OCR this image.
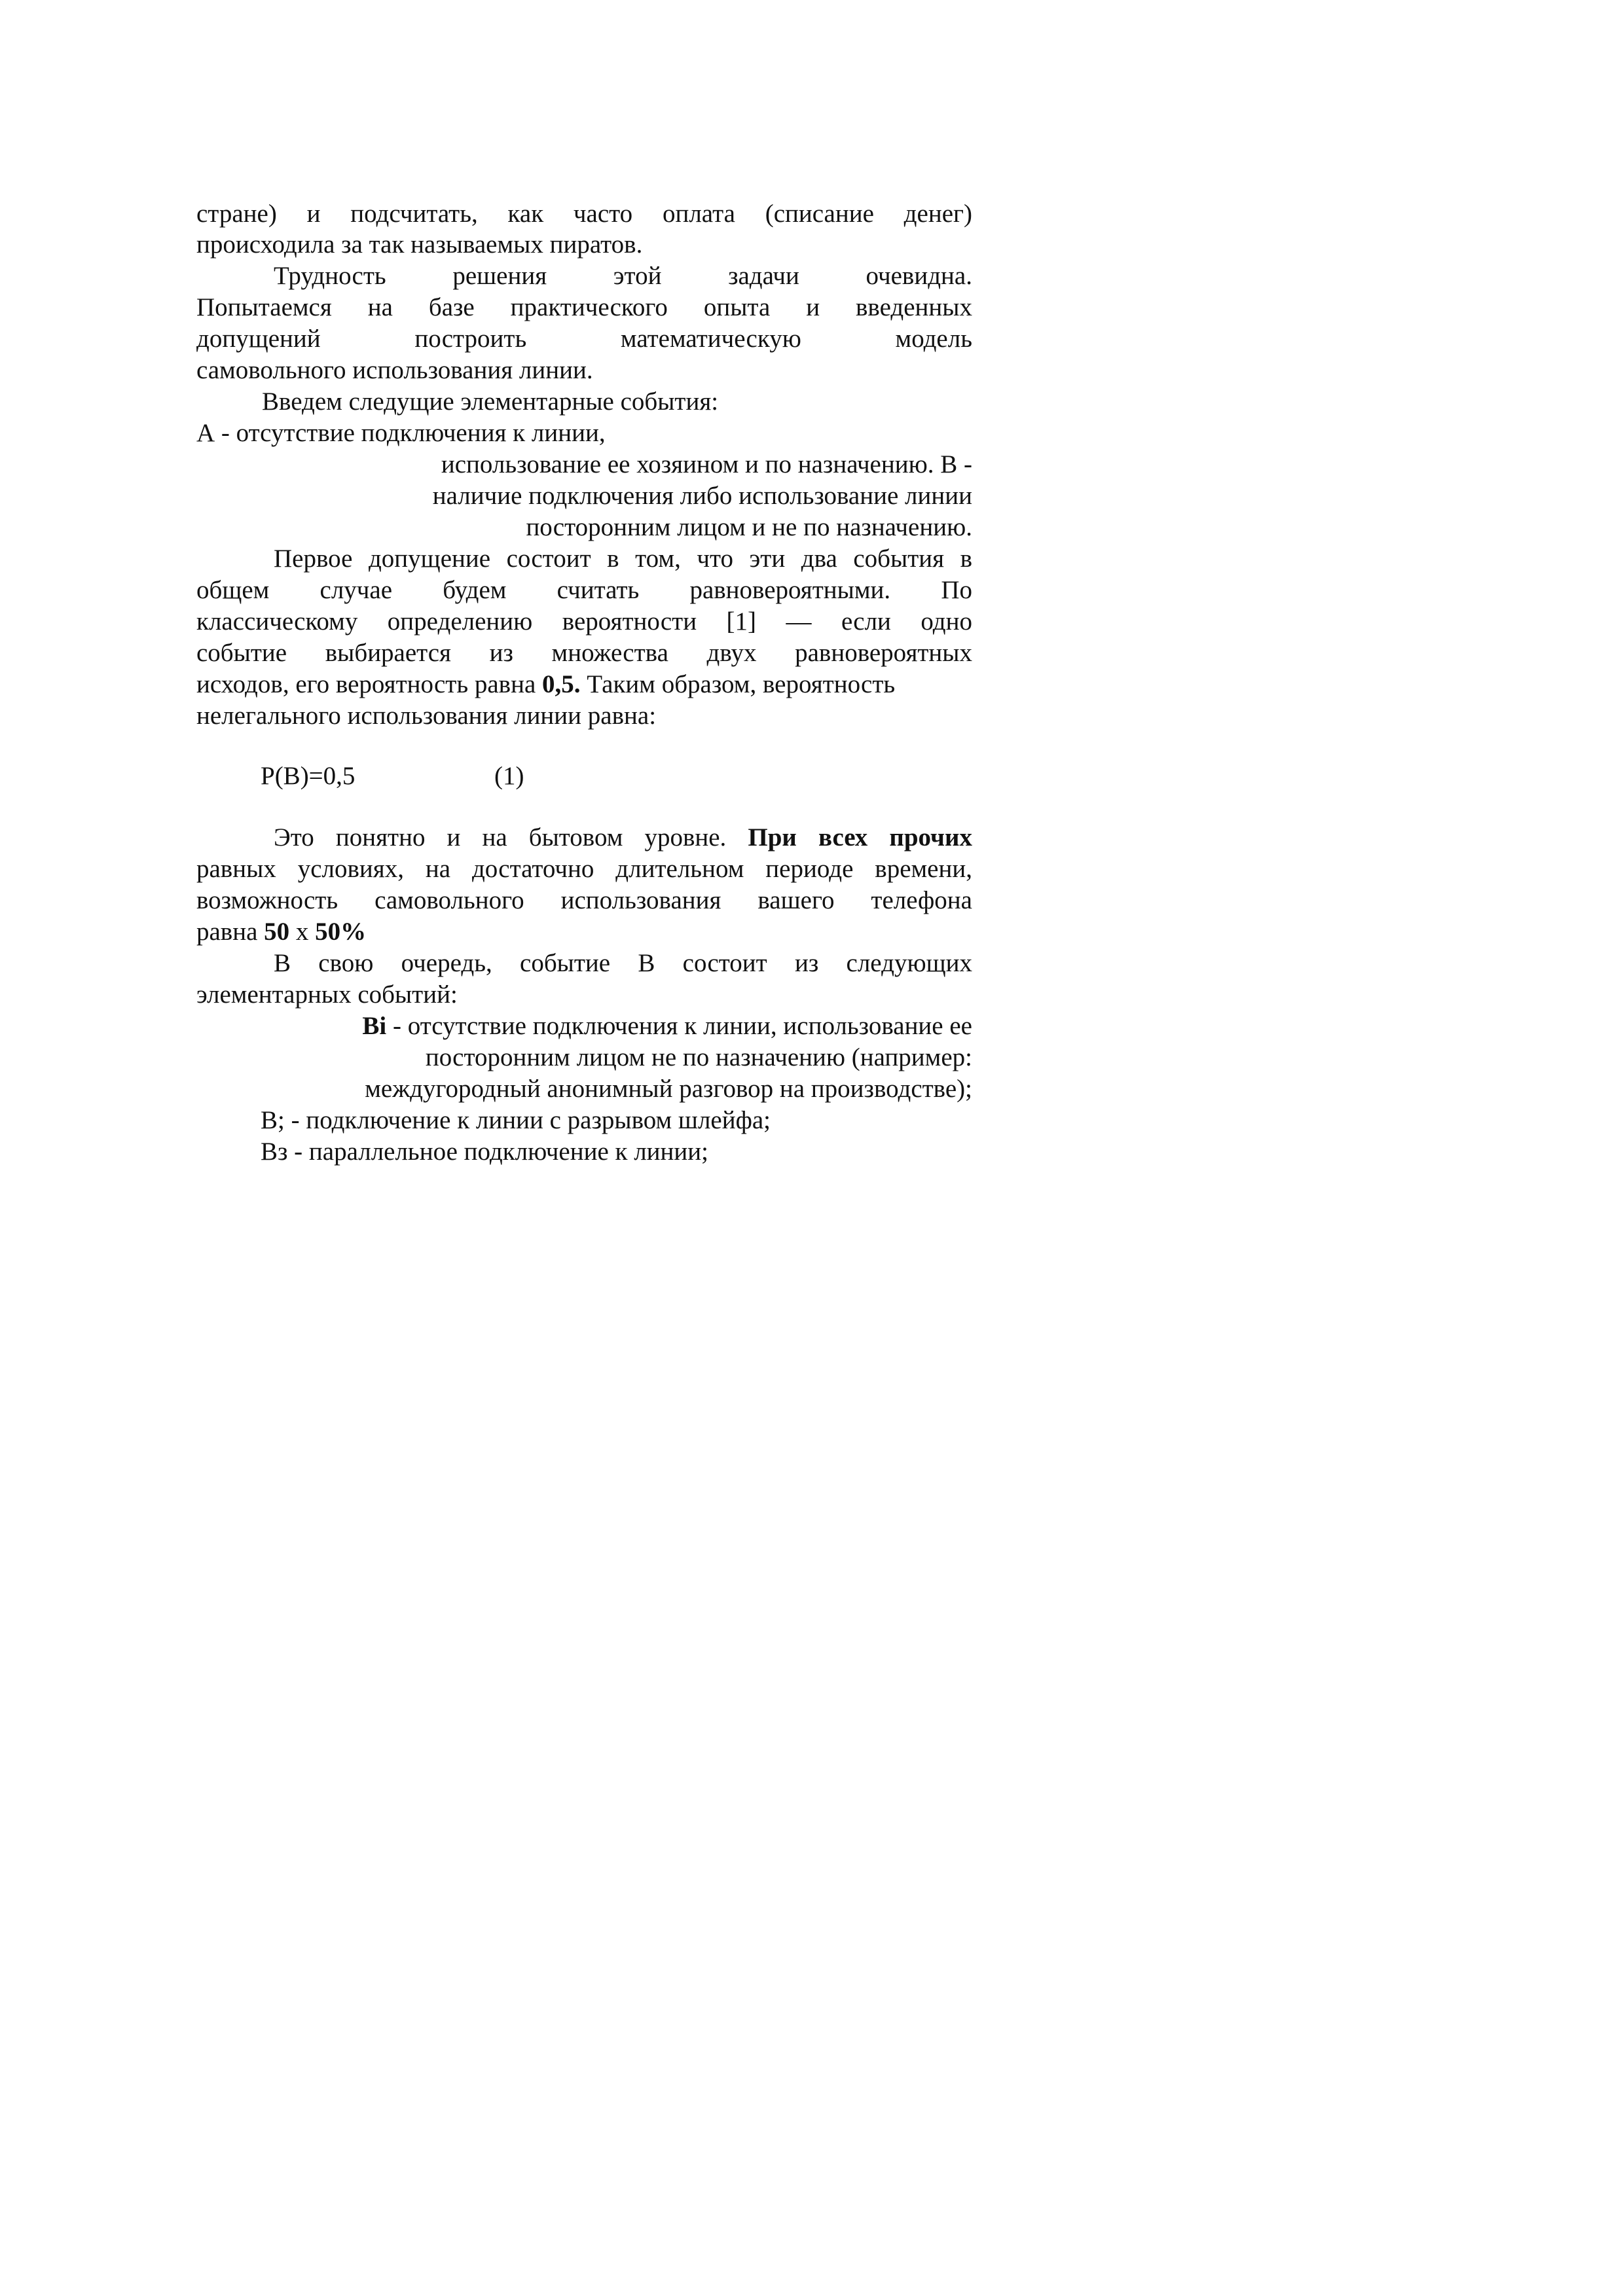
стране) и подсчитать, как часто оплата (списание денег)
происходила за так называемых пиратов.
Трудность решения этой задачи очевидна.
Попытаемся на базе практического опыта и введенных
допущений построить математическую модель
самовольного использования линии.
Введем следущие элементарные события:
А - отсутствие подключения к линии,
использование ее хозяином и по назначению. В -
наличие подключения либо использование линии
посторонним лицом и не по назначению.
Первое допущение состоит в том, что эти два события в
общем случае будем считать равновероятными. По
классическому определению вероятности [1] — если одно
событие выбирается из множества двух равновероятных
исходов, его вероятность равна 0,5. Таким образом, вероятность
нелегального использования линии равна:
P(B)=0,5	(1)
Это понятно и на бытовом уровне. При всех прочих
равных условиях, на достаточно длительном периоде времени,
возможность самовольного использования вашего телефона
равна 50 х 50%
В свою очередь, событие В состоит из следующих
элементарных событий:
Bi - отсутствие подключения к линии, использование ее
посторонним лицом не по назначению (например:
междугородный анонимный разговор на производстве);
В; - подключение к линии с разрывом шлейфа;
Вз - параллельное подключение к линии;
